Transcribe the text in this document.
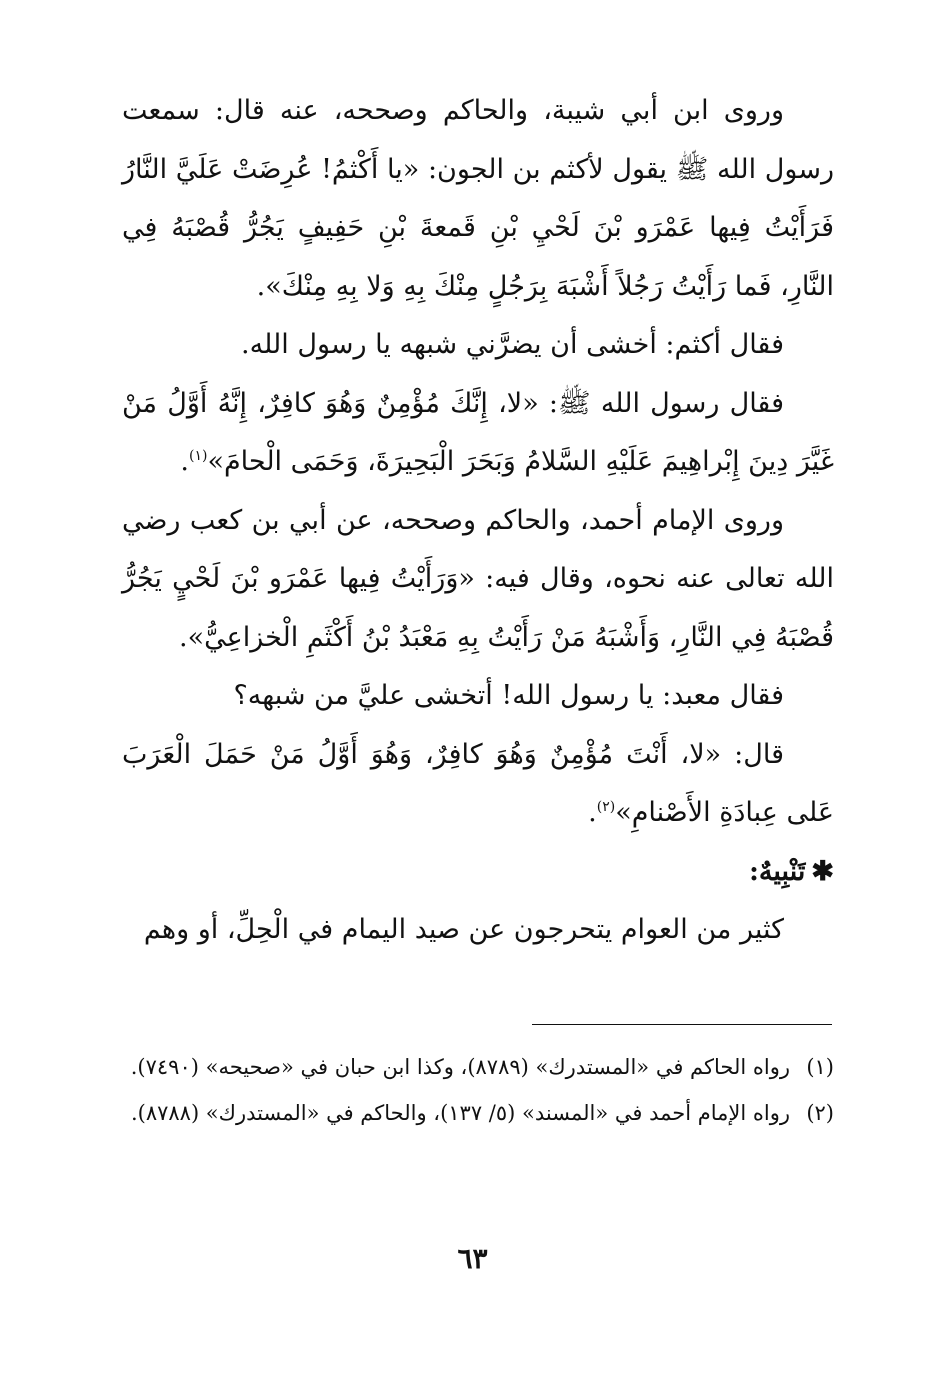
وروى ابن أبي شيبة، والحاكم وصححه، عنه قال: سمعت رسول الله ﷺ يقول لأكثم بن الجون: «يا أَكْثمُ! عُرِضَتْ عَلَيَّ النَّارُ فَرَأَيْتُ فِيها عَمْرَو بْنَ لَحْيِ بْنِ قَمعةَ بْنِ حَفِيفٍ يَجُرُّ قُصْبَهُ فِي النَّارِ، فَما رَأَيْتُ رَجُلاً أَشْبَهَ بِرَجُلٍ مِنْكَ بِهِ وَلا بِهِ مِنْكَ».

فقال أكثم: أخشى أن يضرَّني شبهه يا رسول الله.

فقال رسول الله ﷺ: «لا، إِنَّكَ مُؤْمِنٌ وَهُوَ كافِرٌ، إِنَّهُ أَوَّلُ مَنْ غَيَّرَ دِينَ إِبْراهِيمَ عَلَيْهِ السَّلامُ وَبَحَرَ الْبَحِيرَةَ، وَحَمَى الْحامَ»$^{(١)}$.

وروى الإمام أحمد، والحاكم وصححه، عن أبي بن كعب رضي الله تعالى عنه نحوه، وقال فيه: «وَرَأَيْتُ فِيها عَمْرَو بْنَ لَحْيٍ يَجُرُّ قُصْبَهُ فِي النَّارِ، وَأَشْبَهُ مَنْ رَأَيْتُ بِهِ مَعْبَدُ بْنُ أَكْثَمِ الْخزاعِيُّ».

فقال معبد: يا رسول الله! أتخشى عليَّ من شبهه؟

قال: «لا، أَنْتَ مُؤْمِنٌ وَهُوَ كافِرٌ، وَهُوَ أَوَّلُ مَنْ حَمَلَ الْعَرَبَ عَلى عِبادَةِ الأَصْنامِ»$^{(٢)}$.

✱تَنْبِيهٌ:

كثير من العوام يتحرجون عن صيد اليمام في الْحِلِّ، أو وهم

(١)
رواه الحاكم في «المستدرك» (٨٧٨٩)، وكذا ابن حبان في «صحيحه» (٧٤٩٠).

(٢)
رواه الإمام أحمد في «المسند» (٥/ ١٣٧)، والحاكم في «المستدرك» (٨٧٨٨).

٦٣
